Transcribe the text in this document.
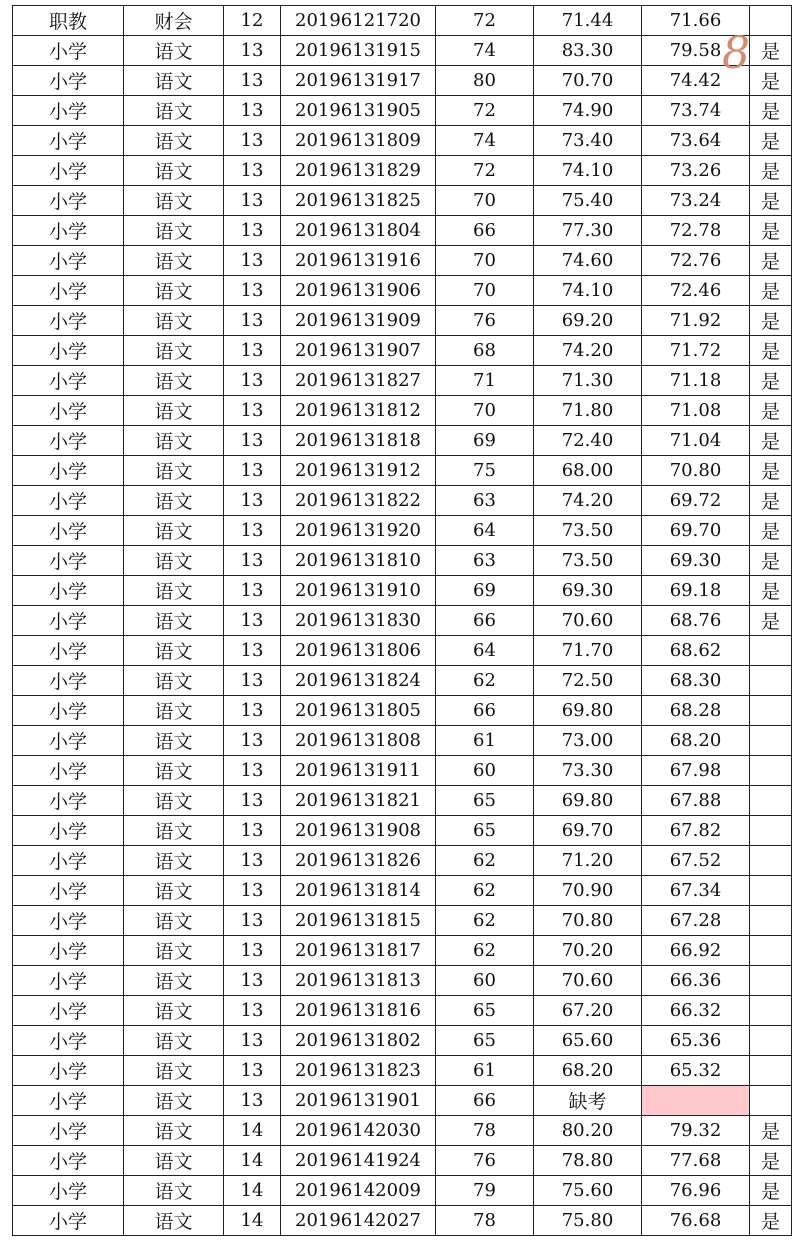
职教	财会	12	20196121720	72	71.44	71.66	
小学	语文	13	20196131915	74	83.30	79.58	是
小学	语文	13	20196131917	80	70.70	74.42	是
小学	语文	13	20196131905	72	74.90	73.74	是
小学	语文	13	20196131809	74	73.40	73.64	是
小学	语文	13	20196131829	72	74.10	73.26	是
小学	语文	13	20196131825	70	75.40	73.24	是
小学	语文	13	20196131804	66	77.30	72.78	是
小学	语文	13	20196131916	70	74.60	72.76	是
小学	语文	13	20196131906	70	74.10	72.46	是
小学	语文	13	20196131909	76	69.20	71.92	是
小学	语文	13	20196131907	68	74.20	71.72	是
小学	语文	13	20196131827	71	71.30	71.18	是
小学	语文	13	20196131812	70	71.80	71.08	是
小学	语文	13	20196131818	69	72.40	71.04	是
小学	语文	13	20196131912	75	68.00	70.80	是
小学	语文	13	20196131822	63	74.20	69.72	是
小学	语文	13	20196131920	64	73.50	69.70	是
小学	语文	13	20196131810	63	73.50	69.30	是
小学	语文	13	20196131910	69	69.30	69.18	是
小学	语文	13	20196131830	66	70.60	68.76	是
小学	语文	13	20196131806	64	71.70	68.62	
小学	语文	13	20196131824	62	72.50	68.30	
小学	语文	13	20196131805	66	69.80	68.28	
小学	语文	13	20196131808	61	73.00	68.20	
小学	语文	13	20196131911	60	73.30	67.98	
小学	语文	13	20196131821	65	69.80	67.88	
小学	语文	13	20196131908	65	69.70	67.82	
小学	语文	13	20196131826	62	71.20	67.52	
小学	语文	13	20196131814	62	70.90	67.34	
小学	语文	13	20196131815	62	70.80	67.28	
小学	语文	13	20196131817	62	70.20	66.92	
小学	语文	13	20196131813	60	70.60	66.36	
小学	语文	13	20196131816	65	67.20	66.32	
小学	语文	13	20196131802	65	65.60	65.36	
小学	语文	13	20196131823	61	68.20	65.32	
小学	语文	13	20196131901	66	缺考		
小学	语文	14	20196142030	78	80.20	79.32	是
小学	语文	14	20196141924	76	78.80	77.68	是
小学	语文	14	20196142009	79	75.60	76.96	是
小学	语文	14	20196142027	78	75.80	76.68	是
8
